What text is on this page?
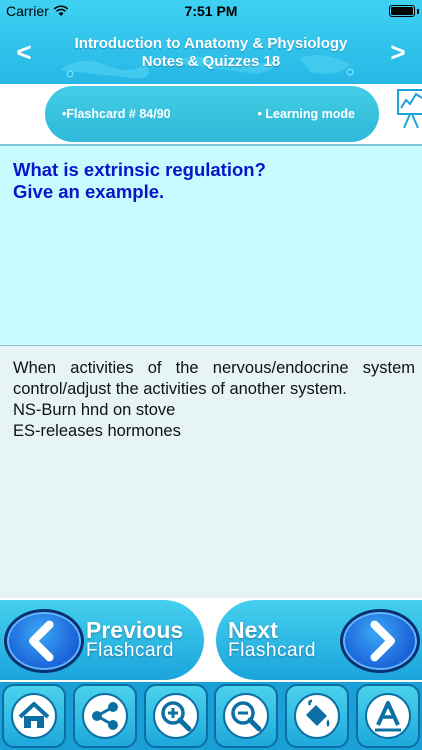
Carrier	7:51 PM
<	Introduction to Anatomy & Physiology
Notes & Quizzes 18	>
•Flashcard # 84/90	• Learning mode
What is extrinsic regulation?
Give an example.
When activities of the nervous/endocrine system control/adjust the activities of another system.
NS-Burn hnd on stove
ES-releases hormones
Previous
Flashcard
Next
Flashcard
